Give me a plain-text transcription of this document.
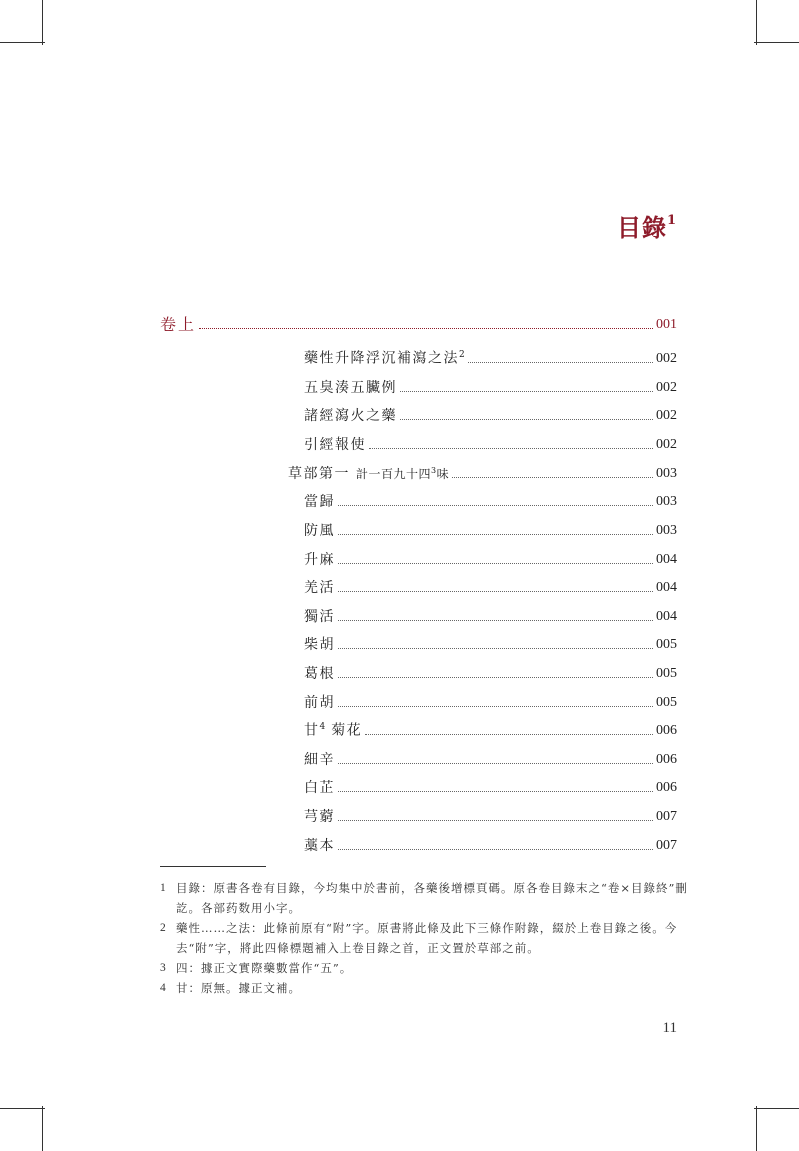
目錄$^1$
卷上	001
藥性升降浮沉補瀉之法$^2$	002
五臭湊五臟例	002
諸經瀉火之藥	002
引經報使	002
草部第一 計一百九十四$^3$味	003
當歸	003
防風	003
升麻	004
羌活	004
獨活	004
柴胡	005
葛根	005
前胡	005
甘$^4$ 菊花	006
細辛	006
白芷	006
芎藭	007
藁本	007
1 目錄：原書各卷有目錄，今均集中於書前，各藥後增標頁碼。原各卷目錄末之“卷×目錄終”刪訖。各部药数用小字。
2 藥性……之法：此條前原有“附”字。原書將此條及此下三條作附錄，綴於上卷目錄之後。今去“附”字，將此四條標題補入上卷目錄之首，正文置於草部之前。
3 四：據正文實際藥數當作“五”。
4 甘：原無。據正文補。
11
